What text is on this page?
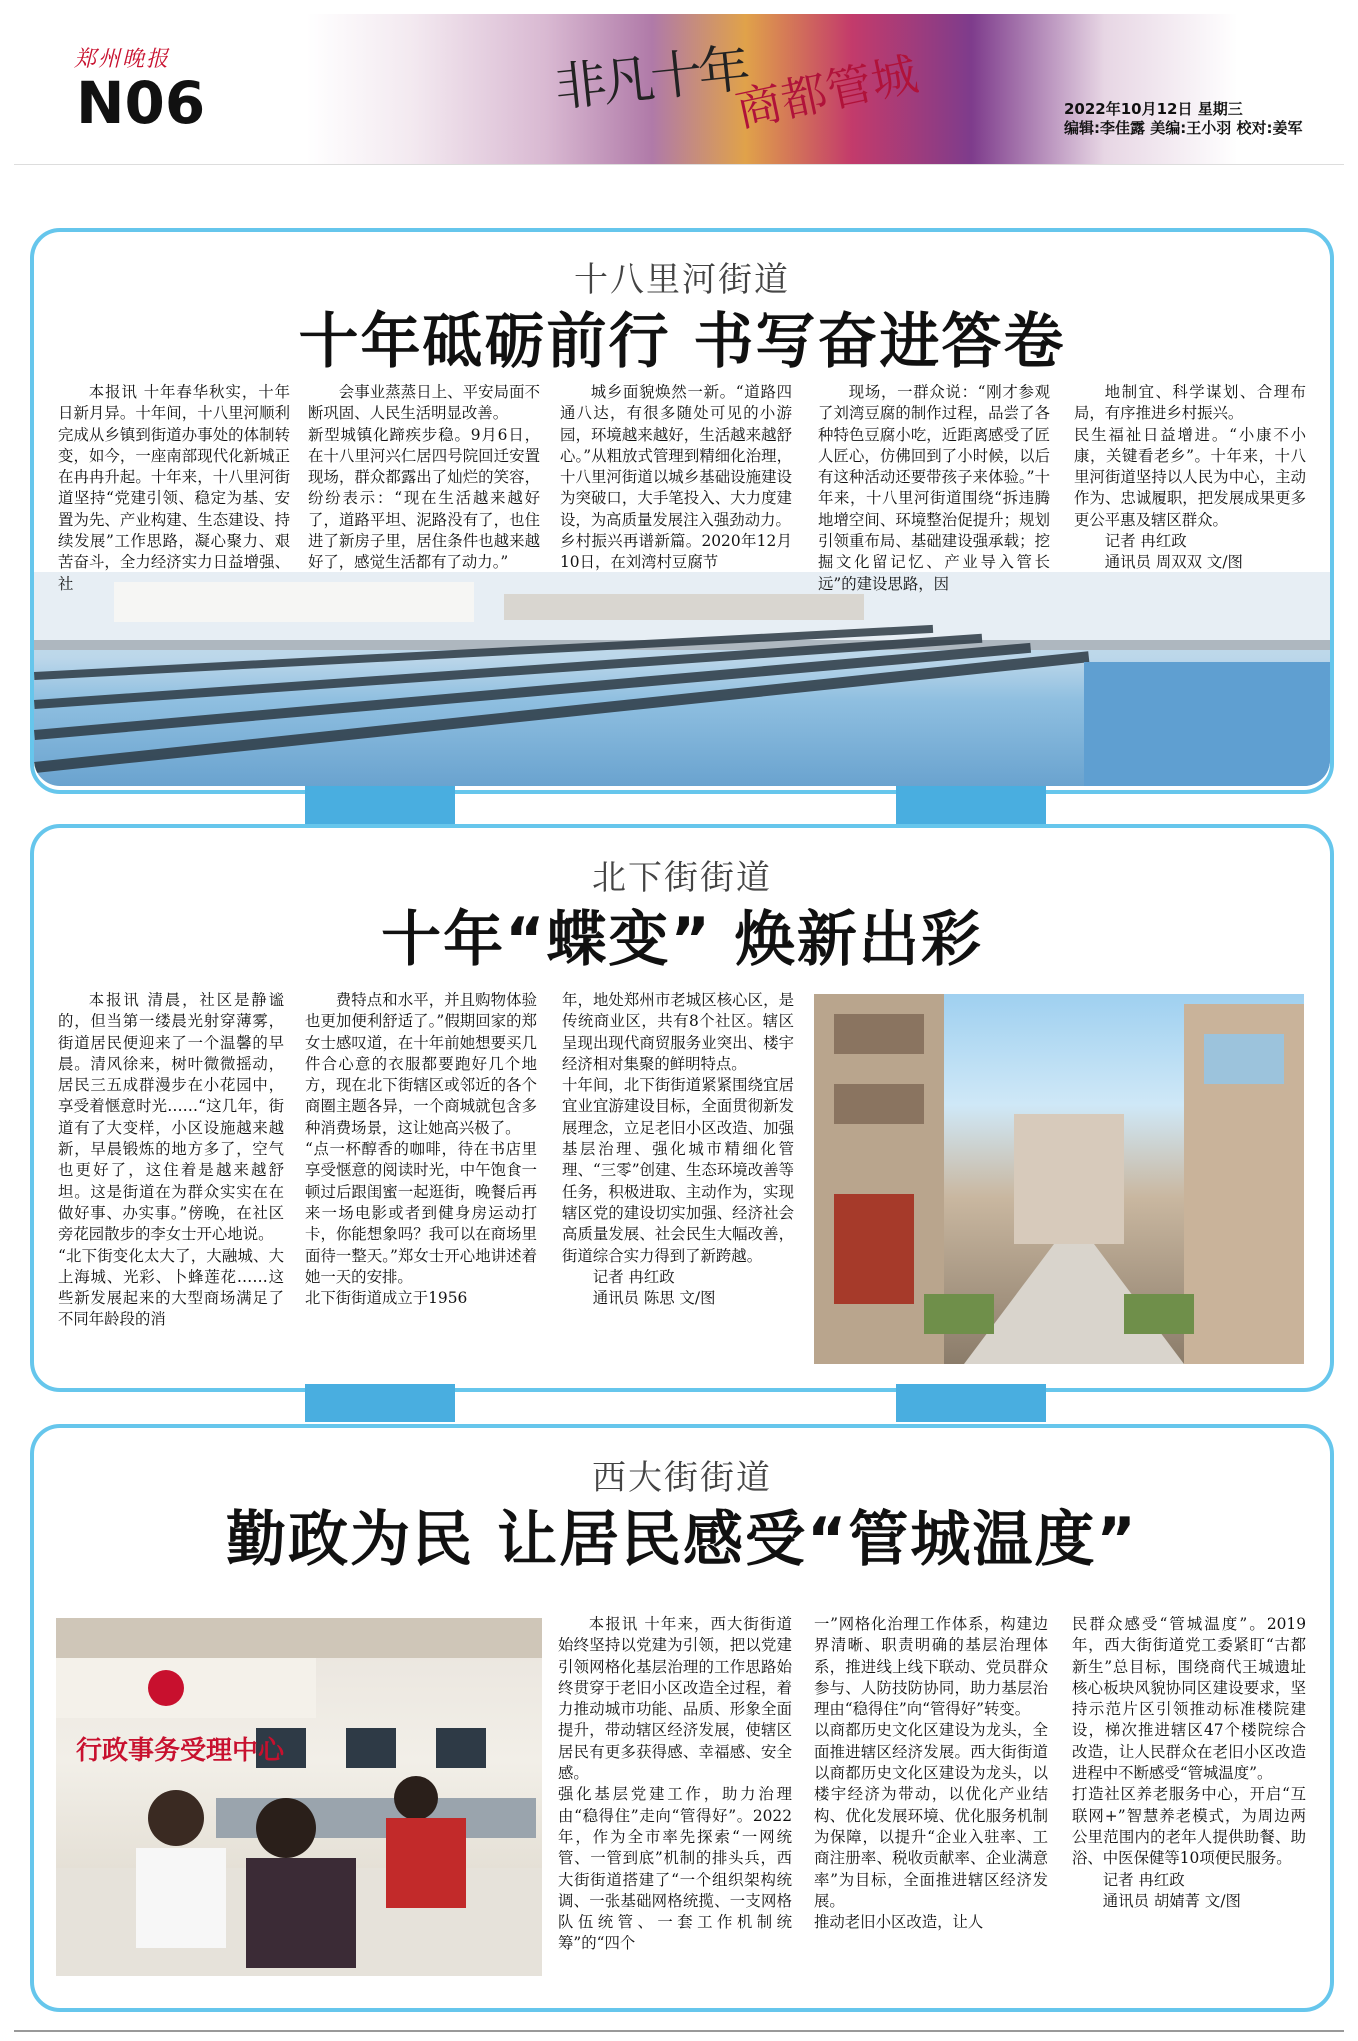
郑州晚报
N06	非凡十年
商都管城	2022年10月12日 星期三
编辑:李佳露 美编:王小羽 校对:姜军
十八里河街道
十年砥砺前行 书写奋进答卷

本报讯 十年春华秋实，十年日新月异。十年间，十八里河顺利完成从乡镇到街道办事处的体制转变，如今，一座南部现代化新城正在冉冉升起。十年来，十八里河街道坚持“党建引领、稳定为基、安置为先、产业构建、生态建设、持续发展”工作思路，凝心聚力、艰苦奋斗，全力经济实力日益增强、社

会事业蒸蒸日上、平安局面不断巩固、人民生活明显改善。
新型城镇化蹄疾步稳。9月6日，在十八里河兴仁居四号院回迁安置现场，群众都露出了灿烂的笑容，纷纷表示：“现在生活越来越好了，道路平坦、泥路没有了，也住进了新房子里，居住条件也越来越好了，感觉生活都有了动力。”

城乡面貌焕然一新。“道路四通八达，有很多随处可见的小游园，环境越来越好，生活越来越舒心。”从粗放式管理到精细化治理，十八里河街道以城乡基础设施建设为突破口，大手笔投入、大力度建设，为高质量发展注入强劲动力。
乡村振兴再谱新篇。2020年12月10日，在刘湾村豆腐节

现场，一群众说：“刚才参观了刘湾豆腐的制作过程，品尝了各种特色豆腐小吃，近距离感受了匠人匠心，仿佛回到了小时候，以后有这种活动还要带孩子来体验。”十年来，十八里河街道围绕“拆违腾地增空间、环境整治促提升；规划引领重布局、基础建设强承载；挖掘文化留记忆、产业导入管长远”的建设思路，因

地制宜、科学谋划、合理布局，有序推进乡村振兴。
民生福祉日益增进。“小康不小康，关键看老乡”。十年来，十八里河街道坚持以人民为中心，主动作为、忠诚履职，把发展成果更多更公平惠及辖区群众。

记者 冉红政

通讯员 周双双 文/图

北下街街道
十年“蝶变” 焕新出彩

本报讯 清晨，社区是静谧的，但当第一缕晨光射穿薄雾，街道居民便迎来了一个温馨的早晨。清风徐来，树叶微微摇动，居民三五成群漫步在小花园中，享受着惬意时光……“这几年，街道有了大变样，小区设施越来越新，早晨锻炼的地方多了，空气也更好了，这住着是越来越舒坦。这是街道在为群众实实在在做好事、办实事。”傍晚，在社区旁花园散步的李女士开心地说。
“北下街变化太大了，大融城、大上海城、光彩、卜蜂莲花……这些新发展起来的大型商场满足了不同年龄段的消

费特点和水平，并且购物体验也更加便利舒适了。”假期回家的郑女士感叹道，在十年前她想要买几件合心意的衣服都要跑好几个地方，现在北下街辖区或邻近的各个商圈主题各异，一个商城就包含多种消费场景，这让她高兴极了。
“点一杯醇香的咖啡，待在书店里享受惬意的阅读时光，中午饱食一顿过后跟闺蜜一起逛街，晚餐后再来一场电影或者到健身房运动打卡，你能想象吗？我可以在商场里面待一整天。”郑女士开心地讲述着她一天的安排。
北下街街道成立于1956

年，地处郑州市老城区核心区，是传统商业区，共有8个社区。辖区呈现出现代商贸服务业突出、楼宇经济相对集聚的鲜明特点。
十年间，北下街街道紧紧围绕宜居宜业宜游建设目标，全面贯彻新发展理念，立足老旧小区改造、加强基层治理、强化城市精细化管理、“三零”创建、生态环境改善等任务，积极进取、主动作为，实现辖区党的建设切实加强、经济社会高质量发展、社会民生大幅改善，街道综合实力得到了新跨越。

记者 冉红政

通讯员 陈思 文/图

西大街街道
勤政为民 让居民感受“管城温度”
行政事务受理中心

本报讯 十年来，西大街街道始终坚持以党建为引领，把以党建引领网格化基层治理的工作思路始终贯穿于老旧小区改造全过程，着力推动城市功能、品质、形象全面提升，带动辖区经济发展，使辖区居民有更多获得感、幸福感、安全感。
强化基层党建工作，助力治理由“稳得住”走向“管得好”。2022年，作为全市率先探索“一网统管、一管到底”机制的排头兵，西大街街道搭建了“一个组织架构统调、一张基础网格统揽、一支网格队伍统管、一套工作机制统筹”的“四个

一”网格化治理工作体系，构建边界清晰、职责明确的基层治理体系，推进线上线下联动、党员群众参与、人防技防协同，助力基层治理由“稳得住”向“管得好”转变。
以商都历史文化区建设为龙头，全面推进辖区经济发展。西大街街道以商都历史文化区建设为龙头，以楼宇经济为带动，以优化产业结构、优化发展环境、优化服务机制为保障，以提升“企业入驻率、工商注册率、税收贡献率、企业满意率”为目标，全面推进辖区经济发展。
推动老旧小区改造，让人

民群众感受“管城温度”。2019年，西大街街道党工委紧盯“古都新生”总目标，围绕商代王城遗址核心板块风貌协同区建设要求，坚持示范片区引领推动标准楼院建设，梯次推进辖区47个楼院综合改造，让人民群众在老旧小区改造进程中不断感受“管城温度”。
打造社区养老服务中心，开启“互联网+”智慧养老模式，为周边两公里范围内的老年人提供助餐、助浴、中医保健等10项便民服务。

记者 冉红政

通讯员 胡婧菁 文/图
